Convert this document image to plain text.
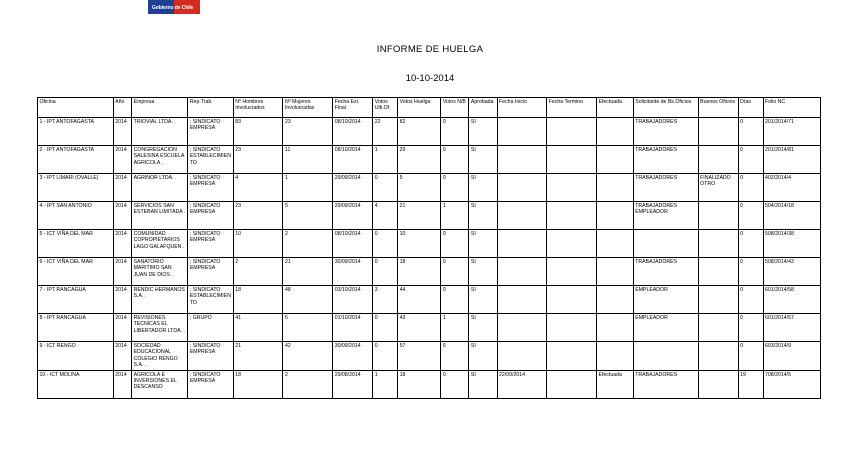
Gobierno de Chile
INFORME DE HUELGA
10-10-2014
Oficina	Año	Empresa	Rep.Trab.	Nº Hombres Involucrados	Nº Mujeres Involucradas	Fecha Exi. Final	Votos Ulti.Of.	Votos Huelga	Votos N/B	Aprobada	Fecha Inicio	Fecha Termino	Efectuada	Solicitante de Bs.Oficios	Buenos Oficios	Días	Folio NC
1 - IPT ANTOFAGASTA	2014	TRIOVIAL LTDA. .	; SINDICATO EMPRESA	83	23	08/10/2014	22	82	0	SI				TRABAJADORES		0	201/2014/71
2 - IPT ANTOFAGASTA	2014	CONGREGACION SALESINA ESCUELA AGRICOLA .	; SINDICATO ESTABLECIMIENTO	23	11	08/10/2014	1	29	0	SI				TRABAJADORES		0	201/2014/81
3 - IPT LIMARI (OVALLE)	2014	AGRINOR LTDA. .	; SINDICATO EMPRESA	4	1	29/09/2014	0	5	0	SI				TRABAJADORES	FINALIZADO OTRO	0	402/2014/4
4 - IPT SAN ANTONIO	2014	SERVICIOS SAN ESTEBAN LIMITADA .	; SINDICATO EMPRESA	23	5	29/09/2014	4	21	1	SI				TRABAJADORES EMPLEADOR		0	504/2014/18
5 - ICT VIÑA DEL MAR	2014	COMUNIDAD COPROPIETARIOS LAGO GALAFQUEN .	; SINDICATO EMPRESA	10	2	08/10/2014	0	10	0	SI						0	508/2014/38
6 - ICT VIÑA DEL MAR	2014	SANATORIO MARITIMO SAN JUAN DE DIOS .	; SINDICATO EMPRESA	2	21	30/09/2014	0	18	0	SI				TRABAJADORES		0	508/2014/43
7 - IPT RANCAGUA	2014	RENDIC HERMANOS S.A. .	; SINDICATO ESTABLECIMIENTO	18	48	03/10/2014	3	44	0	SI				EMPLEADOR		0	601/2014/58
8 - IPT RANCAGUA	2014	REVISIONES TECNICAS EL LIBERTADOR LTDA. .	; GRUPO	41	6	01/10/2014	0	43	1	SI				EMPLEADOR		0	601/2014/57
9 - ICT RENGO	2014	SOCIEDAD EDUCACIONAL COLEGIO RENGO S.A. .	; SINDICATO EMPRESA	21	42	30/09/2014	0	57	6	SI						0	603/2014/9
10 - ICT MOLINA	2014	AGRICOLA E INVERSIONES EL DESCANSO	; SINDICATO EMPRESA	18	2	29/08/2014	1	18	0	SI	22/09/2014		Efectuada	TRABAJADORES		19	708/2014/5
